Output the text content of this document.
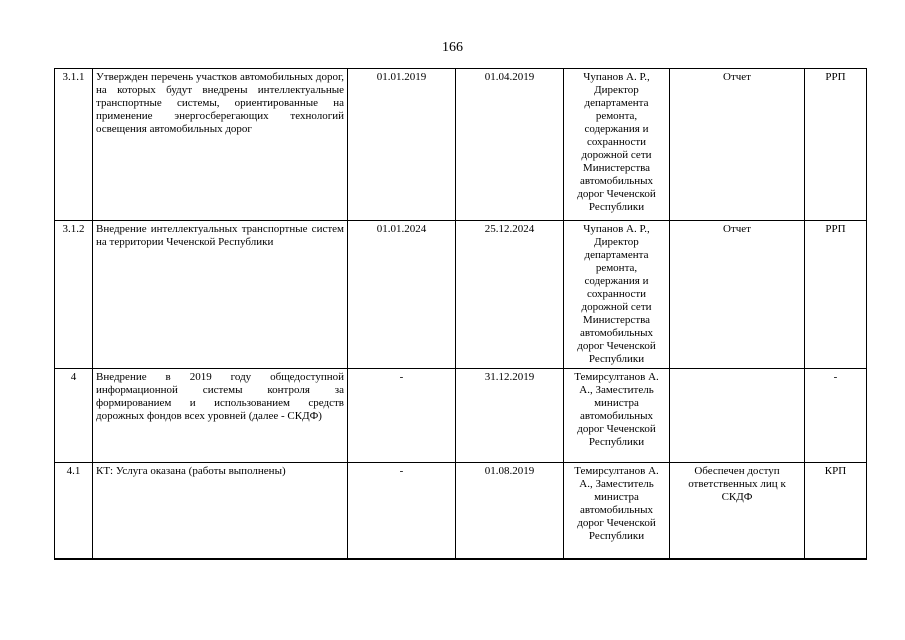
166
3.1.1	Утвержден перечень участков автомобильных дорог, на которых будут внедрены интеллектуальные транспортные системы, ориентированные на применение энергосберегающих технологий освещения автомобильных дорог	01.01.2019	01.04.2019	Чупанов А. Р., Директор департамента ремонта, содержания и сохранности дорожной сети Министерства автомобильных дорог Чеченской Республики	Отчет	РРП
3.1.2	Внедрение интеллектуальных транспортные систем на территории Чеченской Республики	01.01.2024	25.12.2024	Чупанов А. Р., Директор департамента ремонта, содержания и сохранности дорожной сети Министерства автомобильных дорог Чеченской Республики	Отчет	РРП
4	Внедрение в 2019 году общедоступной информационной системы контроля за формированием и использованием средств дорожных фондов всех уровней (далее - СКДФ)	-	31.12.2019	Темирсултанов А. А., Заместитель министра автомобильных дорог Чеченской Республики		-
4.1	КТ: Услуга оказана (работы выполнены)	-	01.08.2019	Темирсултанов А. А., Заместитель министра автомобильных дорог Чеченской Республики	Обеспечен доступ ответственных лиц к СКДФ	КРП
